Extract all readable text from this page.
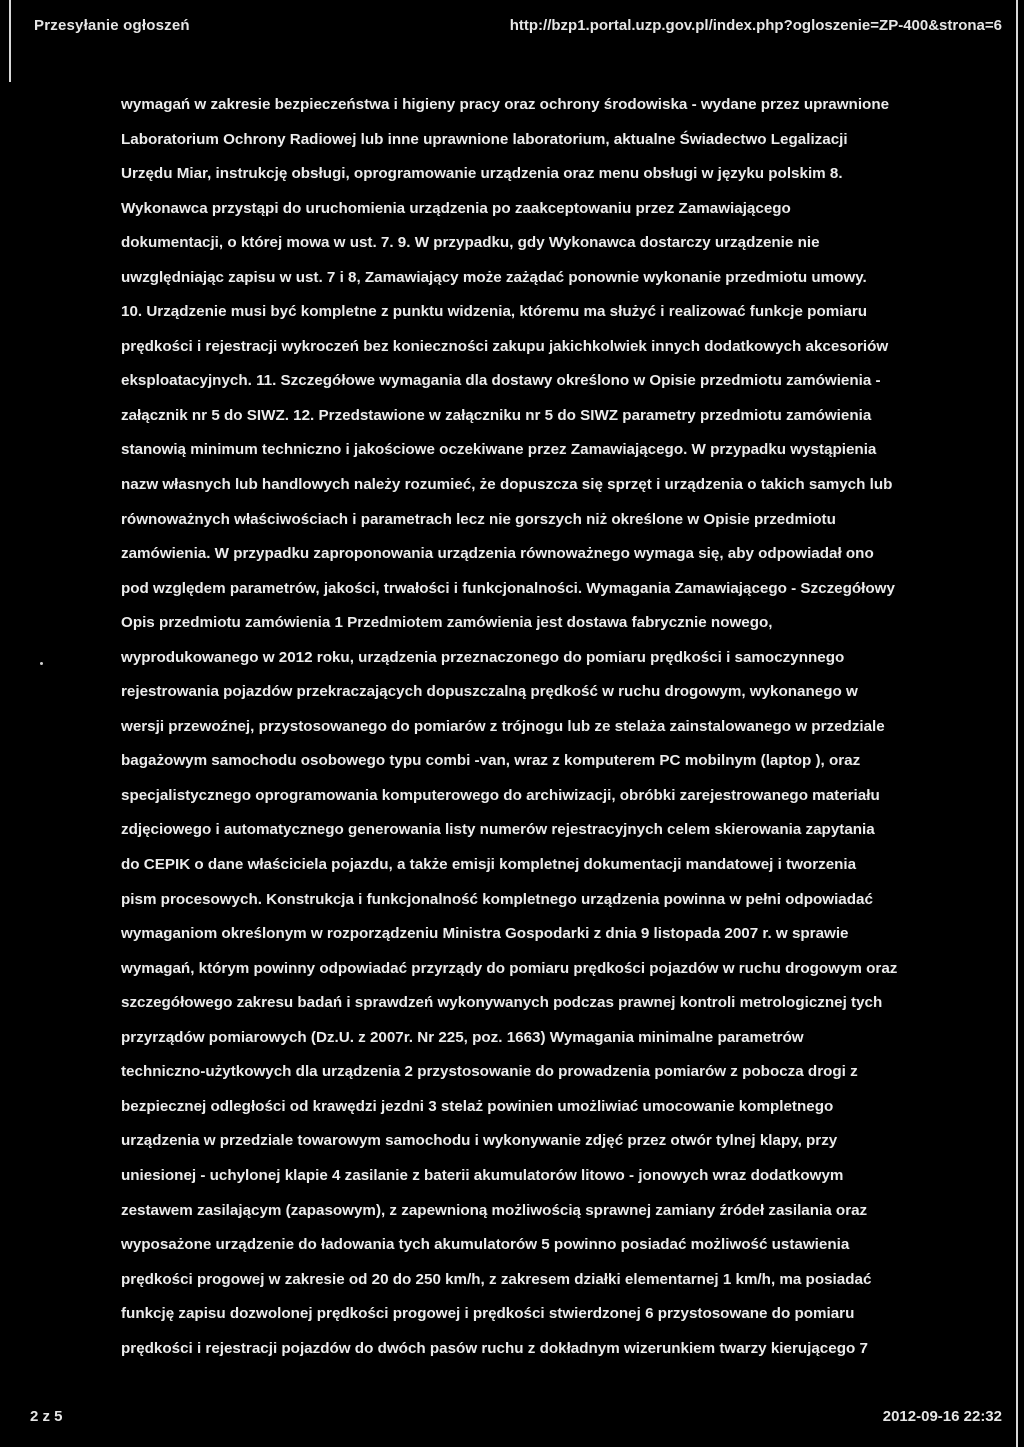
Przesyłanie ogłoszeń	http://bzp1.portal.uzp.gov.pl/index.php?ogloszenie=ZP-400&strona=6
wymagań w zakresie bezpieczeństwa i higieny pracy oraz ochrony środowiska - wydane przez uprawnione
Laboratorium Ochrony Radiowej lub inne uprawnione laboratorium, aktualne Świadectwo Legalizacji
Urzędu Miar, instrukcję obsługi, oprogramowanie urządzenia oraz menu obsługi w języku polskim 8.
Wykonawca przystąpi do uruchomienia urządzenia po zaakceptowaniu przez Zamawiającego
dokumentacji, o której mowa w ust. 7. 9. W przypadku, gdy Wykonawca dostarczy urządzenie nie
uwzględniając zapisu w ust. 7 i 8, Zamawiający może zażądać ponownie wykonanie przedmiotu umowy.
10. Urządzenie musi być kompletne z punktu widzenia, któremu ma służyć i realizować funkcje pomiaru
prędkości i rejestracji wykroczeń bez konieczności zakupu jakichkolwiek innych dodatkowych akcesoriów
eksploatacyjnych. 11. Szczegółowe wymagania dla dostawy określono w Opisie przedmiotu zamówienia -
załącznik nr 5 do SIWZ. 12. Przedstawione w załączniku nr 5 do SIWZ parametry przedmiotu zamówienia
stanowią minimum techniczno i jakościowe oczekiwane przez Zamawiającego. W przypadku wystąpienia
nazw własnych lub handlowych należy rozumieć, że dopuszcza się sprzęt i urządzenia o takich samych lub
równoważnych właściwościach i parametrach lecz nie gorszych niż określone w Opisie przedmiotu
zamówienia. W przypadku zaproponowania urządzenia równoważnego wymaga się, aby odpowiadał ono
pod względem parametrów, jakości, trwałości i funkcjonalności. Wymagania Zamawiającego - Szczegółowy
Opis przedmiotu zamówienia 1 Przedmiotem zamówienia jest dostawa fabrycznie nowego,
wyprodukowanego w 2012 roku, urządzenia przeznaczonego do pomiaru prędkości i samoczynnego
rejestrowania pojazdów przekraczających dopuszczalną prędkość w ruchu drogowym, wykonanego w
wersji przewoźnej, przystosowanego do pomiarów z trójnogu lub ze stelaża zainstalowanego w przedziale
bagażowym samochodu osobowego typu combi -van, wraz z komputerem PC mobilnym (laptop ), oraz
specjalistycznego oprogramowania komputerowego do archiwizacji, obróbki zarejestrowanego materiału
zdjęciowego i automatycznego generowania listy numerów rejestracyjnych celem skierowania zapytania
do CEPIK o dane właściciela pojazdu, a także emisji kompletnej dokumentacji mandatowej i tworzenia
pism procesowych. Konstrukcja i funkcjonalność kompletnego urządzenia powinna w pełni odpowiadać
wymaganiom określonym w rozporządzeniu Ministra Gospodarki z dnia 9 listopada 2007 r. w sprawie
wymagań, którym powinny odpowiadać przyrządy do pomiaru prędkości pojazdów w ruchu drogowym oraz
szczegółowego zakresu badań i sprawdzeń wykonywanych podczas prawnej kontroli metrologicznej tych
przyrządów pomiarowych (Dz.U. z 2007r. Nr 225, poz. 1663) Wymagania minimalne parametrów
techniczno-użytkowych dla urządzenia 2 przystosowanie do prowadzenia pomiarów z pobocza drogi z
bezpiecznej odległości od krawędzi jezdni 3 stelaż powinien umożliwiać umocowanie kompletnego
urządzenia w przedziale towarowym samochodu i wykonywanie zdjęć przez otwór tylnej klapy, przy
uniesionej - uchylonej klapie 4 zasilanie z baterii akumulatorów litowo - jonowych wraz dodatkowym
zestawem zasilającym (zapasowym), z zapewnioną możliwością sprawnej zamiany źródeł zasilania oraz
wyposażone urządzenie do ładowania tych akumulatorów 5 powinno posiadać możliwość ustawienia
prędkości progowej w zakresie od 20 do 250 km/h, z zakresem działki elementarnej 1 km/h, ma posiadać
funkcję zapisu dozwolonej prędkości progowej i prędkości stwierdzonej 6 przystosowane do pomiaru
prędkości i rejestracji pojazdów do dwóch pasów ruchu z dokładnym wizerunkiem twarzy kierującego 7
2 z 5	2012-09-16 22:32
